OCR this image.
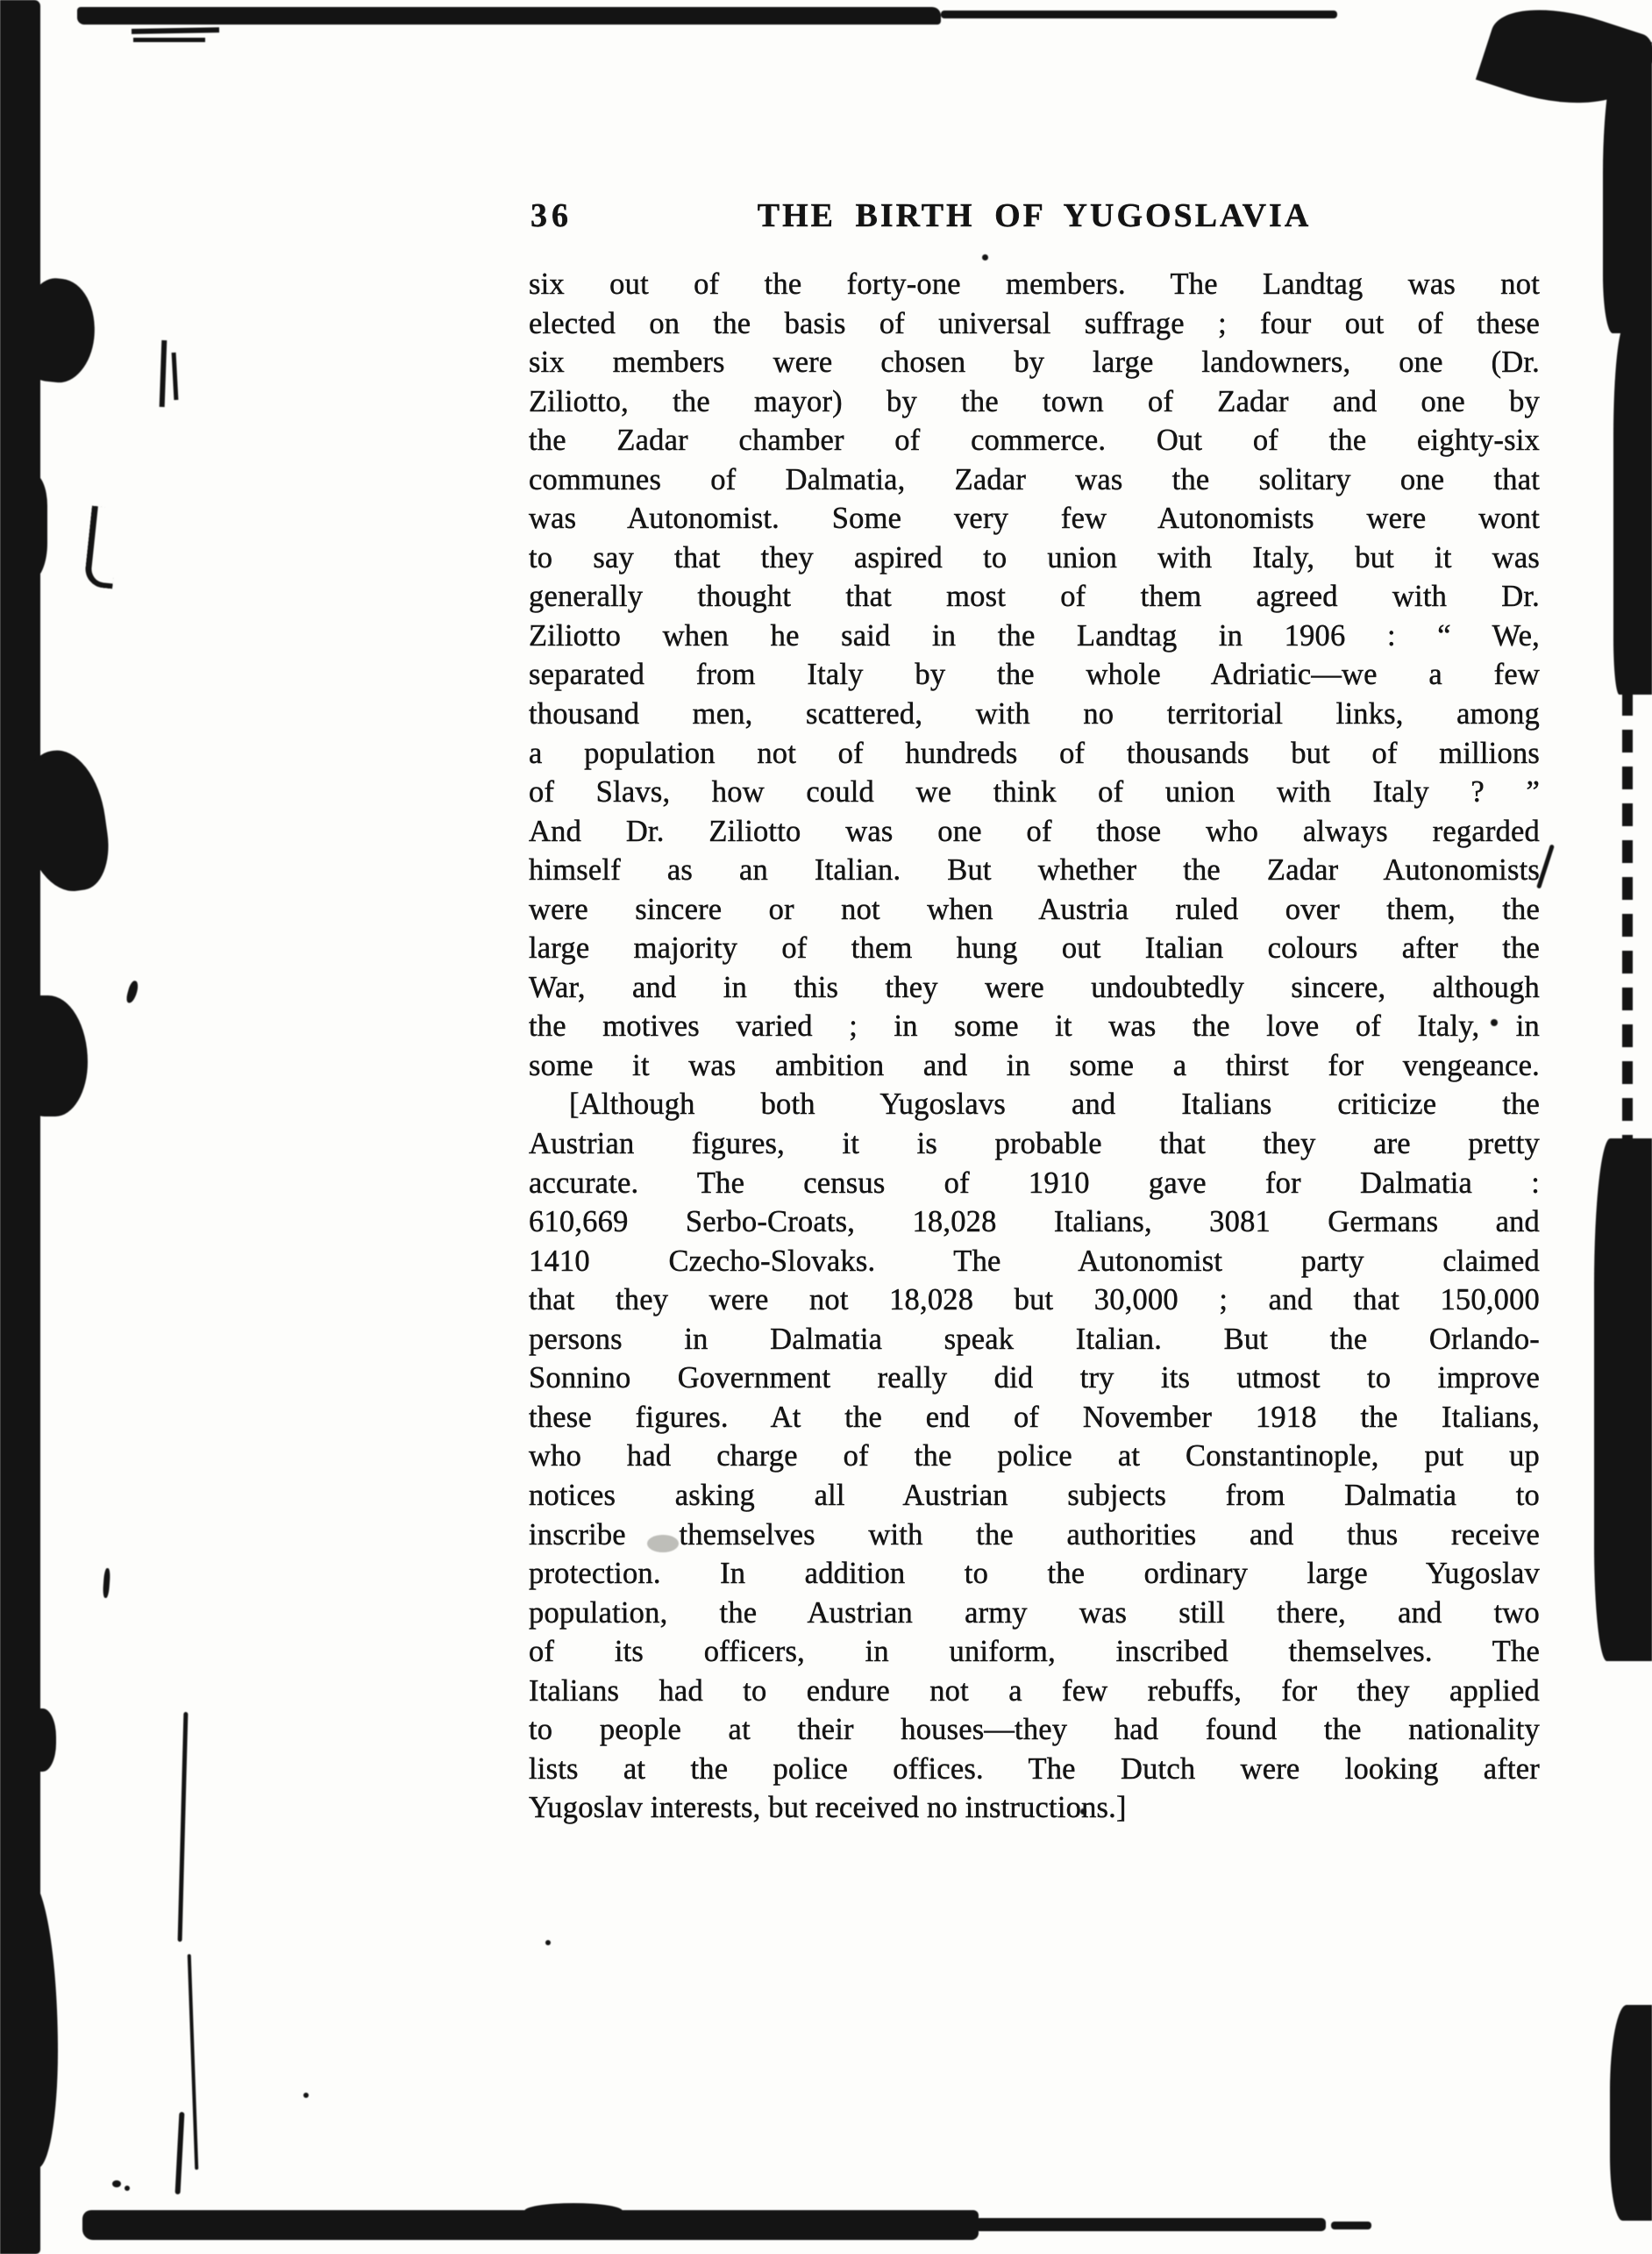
36	THE BIRTH OF YUGOSLAVIA
six out of the forty-one members. The Landtag was not
elected on the basis of universal suffrage ; four out of these
six members were chosen by large landowners, one (Dr.
Ziliotto, the mayor) by the town of Zadar and one by
the Zadar chamber of commerce. Out of the eighty-six
communes of Dalmatia, Zadar was the solitary one that
was Autonomist. Some very few Autonomists were wont
to say that they aspired to union with Italy, but it was
generally thought that most of them agreed with Dr.
Ziliotto when he said in the Landtag in 1906 : “ We,
separated from Italy by the whole Adriatic—we a few
thousand men, scattered, with no territorial links, among
a population not of hundreds of thousands but of millions
of Slavs, how could we think of union with Italy ? ”
And Dr. Ziliotto was one of those who always regarded
himself as an Italian. But whether the Zadar Autonomists
were sincere or not when Austria ruled over them, the
large majority of them hung out Italian colours after the
War, and in this they were undoubtedly sincere, although
the motives varied ; in some it was the love of Italy, in
some it was ambition and in some a thirst for vengeance.
[Although both Yugoslavs and Italians criticize the
Austrian figures, it is probable that they are pretty
accurate. The census of 1910 gave for Dalmatia :
610,669 Serbo-Croats, 18,028 Italians, 3081 Germans and
1410 Czecho-Slovaks. The Autonomist party claimed
that they were not 18,028 but 30,000 ; and that 150,000
persons in Dalmatia speak Italian. But the Orlando-
Sonnino Government really did try its utmost to improve
these figures. At the end of November 1918 the Italians,
who had charge of the police at Constantinople, put up
notices asking all Austrian subjects from Dalmatia to
inscribe themselves with the authorities and thus receive
protection. In addition to the ordinary large Yugoslav
population, the Austrian army was still there, and two
of its officers, in uniform, inscribed themselves. The
Italians had to endure not a few rebuffs, for they applied
to people at their houses—they had found the nationality
lists at the police offices. The Dutch were looking after
Yugoslav interests, but received no instructions.]
